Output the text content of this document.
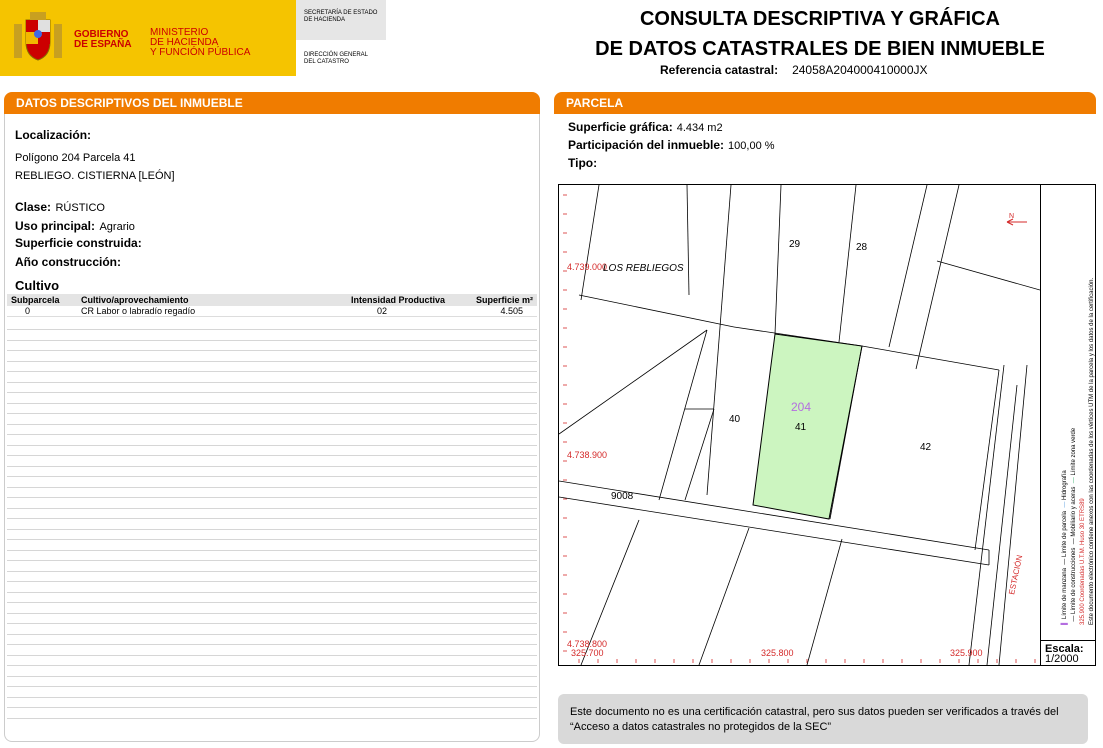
GOBIERNO
DE ESPAÑA
MINISTERIO
DE HACIENDA
Y FUNCIÓN PÚBLICA
SECRETARÍA DE ESTADO
DE HACIENDA
DIRECCIÓN GENERAL
DEL CATASTRO
CONSULTA DESCRIPTIVA Y GRÁFICA
DE DATOS CATASTRALES DE BIEN INMUEBLE
Referencia catastral: 24058A204000410000JX
DATOS DESCRIPTIVOS DEL INMUEBLE
Localización:
Polígono 204 Parcela 41
REBLIEGO. CISTIERNA [LEÓN]
Clase: RÚSTICO
Uso principal: Agrario
Superficie construida:
Año construcción:
Cultivo
Subparcela	Cultivo/aprovechamiento	Intensidad Productiva	Superficie m²
0	CR Labor o labradío regadío	02	4.505
PARCELA
Superficie gráfica: 4.434 m2
Participación del inmueble: 100,00 %
Tipo:
4.739.000
LOS REBLIEGOS
4.738.900
4.738.800
325.700	325.800	325.900
29	28
40
204
41
42
9008
ESTACIÓN
N
▌ Límite de manzana  — Límite de parcela  — Hidrografía
— Límite de construcciones  — Mobiliario y aceras  — Límite zona verde
325.900 Coordenadas U.T.M. Huso 30 ETRS89 Este documento electrónico contiene anexos con las coordenadas de los vértices UTM de la parcela y los datos de la certificación.
Escala:
1/2000
Este documento no es una certificación catastral, pero sus datos pueden ser verificados a través del “Acceso a datos catastrales no protegidos de la SEC”
